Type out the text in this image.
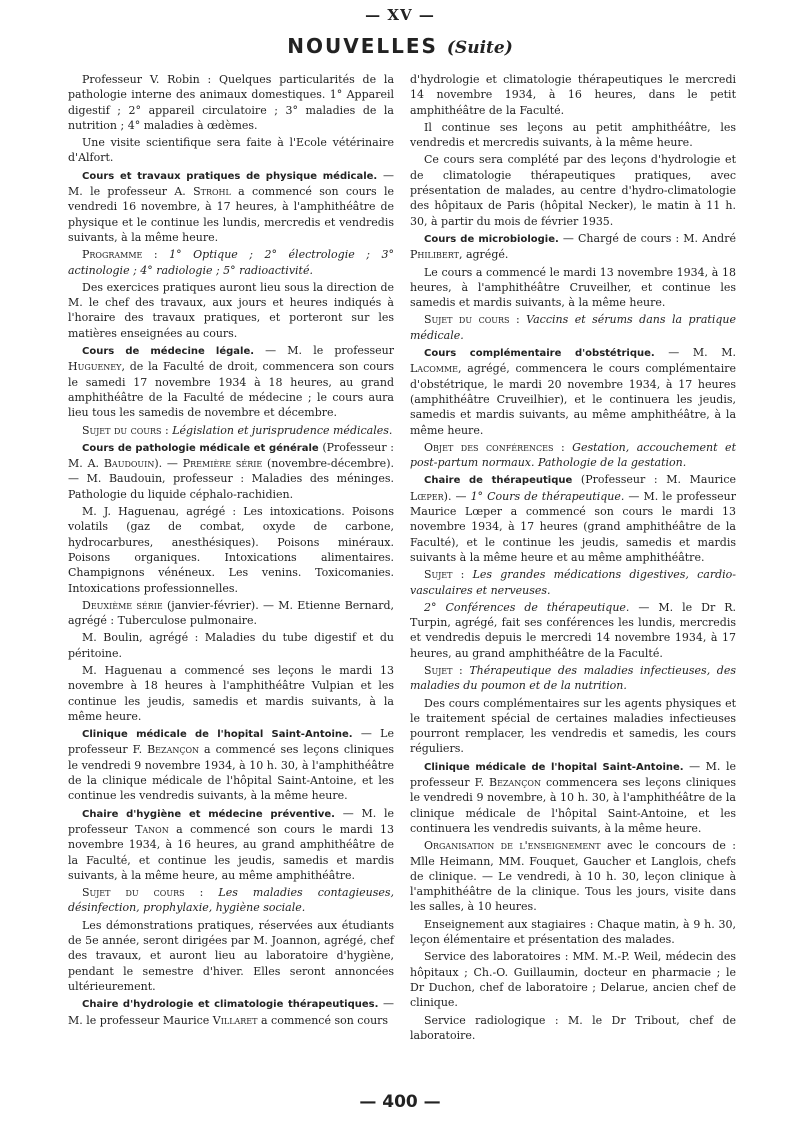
— XV —
NOUVELLES (Suite)

Professeur V. Robin : Quelques particularités de la pathologie interne des animaux domestiques. 1° Appareil digestif ; 2° appareil circulatoire ; 3° maladies de la nutrition ; 4° maladies à œdèmes.

Une visite scientifique sera faite à l'Ecole vétérinaire d'Alfort.

Cours et travaux pratiques de physique médicale. — M. le professeur A. Strohl a commencé son cours le vendredi 16 novembre, à 17 heures, à l'amphithéâtre de physique et le continue les lundis, mercredis et vendredis suivants, à la même heure.

Programme : 1° Optique ; 2° électrologie ; 3° actinologie ; 4° radiologie ; 5° radioactivité.

Des exercices pratiques auront lieu sous la direction de M. le chef des travaux, aux jours et heures indiqués à l'horaire des travaux pratiques, et porteront sur les matières enseignées au cours.

Cours de médecine légale. — M. le professeur Hugueney, de la Faculté de droit, commencera son cours le samedi 17 novembre 1934 à 18 heures, au grand amphithéâtre de la Faculté de médecine ; le cours aura lieu tous les samedis de novembre et décembre.

Sujet du cours : Législation et jurisprudence médicales.

Cours de pathologie médicale et générale (Professeur : M. A. Baudouin). — Première série (novembre-décembre). — M. Baudouin, professeur : Maladies des méninges. Pathologie du liquide céphalo-rachidien.

M. J. Haguenau, agrégé : Les intoxications. Poisons volatils (gaz de combat, oxyde de carbone, hydrocarbures, anesthésiques). Poisons minéraux. Poisons organiques. Intoxications alimentaires. Champignons vénéneux. Les venins. Toxicomanies. Intoxications professionnelles.

Deuxième série (janvier-février). — M. Etienne Bernard, agrégé : Tuberculose pulmonaire.

M. Boulin, agrégé : Maladies du tube digestif et du péritoine.

M. Haguenau a commencé ses leçons le mardi 13 novembre à 18 heures à l'amphithéâtre Vulpian et les continue les jeudis, samedis et mardis suivants, à la même heure.

Clinique médicale de l'hopital Saint-Antoine. — Le professeur F. Bezançon a commencé ses leçons cliniques le vendredi 9 novembre 1934, à 10 h. 30, à l'amphithéâtre de la clinique médicale de l'hôpital Saint-Antoine, et les continue les vendredis suivants, à la même heure.

Chaire d'hygiène et médecine préventive. — M. le professeur Tanon a commencé son cours le mardi 13 novembre 1934, à 16 heures, au grand amphithéâtre de la Faculté, et continue les jeudis, samedis et mardis suivants, à la même heure, au même amphithéâtre.

Sujet du cours : Les maladies contagieuses, désinfection, prophylaxie, hygiène sociale.

Les démonstrations pratiques, réservées aux étudiants de 5e année, seront dirigées par M. Joannon, agrégé, chef des travaux, et auront lieu au laboratoire d'hygiène, pendant le semestre d'hiver. Elles seront annoncées ultérieurement.

Chaire d'hydrologie et climatologie thérapeutiques. — M. le professeur Maurice Villaret a commencé son cours

d'hydrologie et climatologie thérapeutiques le mercredi 14 novembre 1934, à 16 heures, dans le petit amphithéâtre de la Faculté.

Il continue ses leçons au petit amphithéâtre, les vendredis et mercredis suivants, à la même heure.

Ce cours sera complété par des leçons d'hydrologie et de climatologie thérapeutiques pratiques, avec présentation de malades, au centre d'hydro-climatologie des hôpitaux de Paris (hôpital Necker), le matin à 11 h. 30, à partir du mois de février 1935.

Cours de microbiologie. — Chargé de cours : M. André Philibert, agrégé.

Le cours a commencé le mardi 13 novembre 1934, à 18 heures, à l'amphithéâtre Cruveilher, et continue les samedis et mardis suivants, à la même heure.

Sujet du cours : Vaccins et sérums dans la pratique médicale.

Cours complémentaire d'obstétrique. — M. M. Lacomme, agrégé, commencera le cours complémentaire d'obstétrique, le mardi 20 novembre 1934, à 17 heures (amphithéâtre Cruveilhier), et le continuera les jeudis, samedis et mardis suivants, au même amphithéâtre, à la même heure.

Objet des conférences : Gestation, accouchement et post-partum normaux. Pathologie de la gestation.

Chaire de thérapeutique (Professeur : M. Maurice Lœper). — 1° Cours de thérapeutique. — M. le professeur Maurice Lœper a commencé son cours le mardi 13 novembre 1934, à 17 heures (grand amphithéâtre de la Faculté), et le continue les jeudis, samedis et mardis suivants à la même heure et au même amphithéâtre.

Sujet : Les grandes médications digestives, cardio-vasculaires et nerveuses.

2° Conférences de thérapeutique. — M. le Dr R. Turpin, agrégé, fait ses conférences les lundis, mercredis et vendredis depuis le mercredi 14 novembre 1934, à 17 heures, au grand amphithéâtre de la Faculté.

Sujet : Thérapeutique des maladies infectieuses, des maladies du poumon et de la nutrition.

Des cours complémentaires sur les agents physiques et le traitement spécial de certaines maladies infectieuses pourront remplacer, les vendredis et samedis, les cours réguliers.

Clinique médicale de l'hopital Saint-Antoine. — M. le professeur F. Bezançon commencera ses leçons cliniques le vendredi 9 novembre, à 10 h. 30, à l'amphithéâtre de la clinique médicale de l'hôpital Saint-Antoine, et les continuera les vendredis suivants, à la même heure.

Organisation de l'enseignement avec le concours de : Mlle Heimann, MM. Fouquet, Gaucher et Langlois, chefs de clinique. — Le vendredi, à 10 h. 30, leçon clinique à l'amphithéâtre de la clinique. Tous les jours, visite dans les salles, à 10 heures.

Enseignement aux stagiaires : Chaque matin, à 9 h. 30, leçon élémentaire et présentation des malades.

Service des laboratoires : MM. M.-P. Weil, médecin des hôpitaux ; Ch.-O. Guillaumin, docteur en pharmacie ; le Dr Duchon, chef de laboratoire ; Delarue, ancien chef de clinique.

Service radiologique : M. le Dr Tribout, chef de laboratoire.

— 400 —
